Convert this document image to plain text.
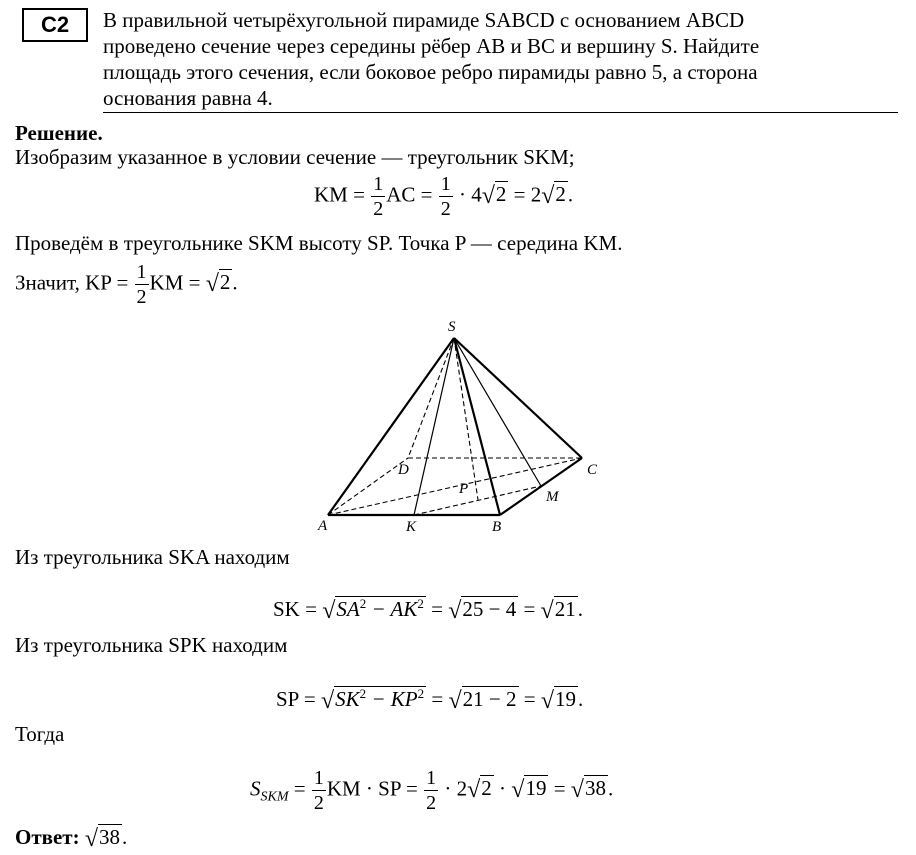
C2	В правильной четырёхугольной пирамиде SABCD с основанием ABCD
проведено сечение через середины рёбер AB и BC и вершину S. Найдите
площадь этого сечения, если боковое ребро пирамиды равно 5, а сторона
основания равна 4.
Решение.
Изобразим указанное в условии сечение — треугольник SKM;
KM = $\frac{1}{2}$ AC = $\frac{1}{2} \cdot 4√2 = 2√2$.
Проведём в треугольнике SKM высоту SP. Точка P — середина KM.
Значит, KP = $\frac{1}{2}$ KM = √2.
S
A	B
C
D
K
M
P
Из треугольника SKA находим
SK = $√SA^2 - AK^2 = √25 - 4 = √21$.
Из треугольника SPK находим
SP = $√SK^2 - KP^2 = √21 - 2 = √19$.
Тогда
$S_{SKM} = \frac{1}{2}$ KM · SP = $\frac{1}{2} \cdot 2√2 \cdot √19 = √38$.
Ответ: √38.
